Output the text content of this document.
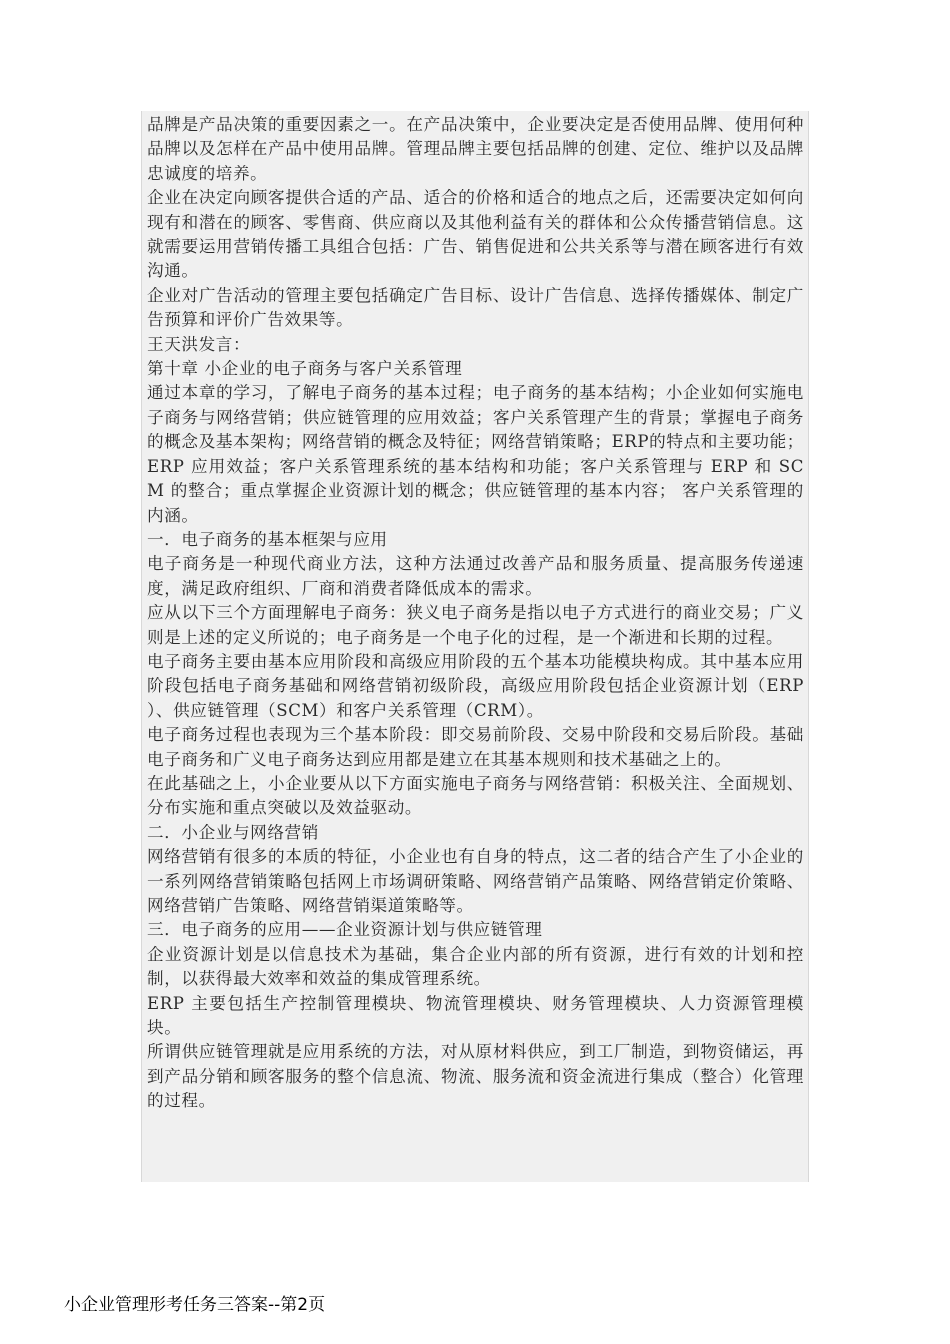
品牌是产品决策的重要因素之一。在产品决策中，企业要决定是否使用品牌、使用何种品牌以及怎样在产品中使用品牌。管理品牌主要包括品牌的创建、定位、维护以及品牌忠诚度的培养。

企业在决定向顾客提供合适的产品、适合的价格和适合的地点之后，还需要决定如何向现有和潜在的顾客、零售商、供应商以及其他利益有关的群体和公众传播营销信息。这就需要运用营销传播工具组合包括：广告、销售促进和公共关系等与潜在顾客进行有效沟通。

企业对广告活动的管理主要包括确定广告目标、设计广告信息、选择传播媒体、制定广告预算和评价广告效果等。

王天洪发言：

第十章 小企业的电子商务与客户关系管理

通过本章的学习，了解电子商务的基本过程；电子商务的基本结构；小企业如何实施电子商务与网络营销；供应链管理的应用效益；客户关系管理产生的背景；掌握电子商务的概念及基本架构；网络营销的概念及特征；网络营销策略；ERP的特点和主要功能；ERP 应用效益；客户关系管理系统的基本结构和功能；客户关系管理与 ERP 和 SCM 的整合；重点掌握企业资源计划的概念；供应链管理的基本内容； 客户关系管理的内涵。

一．电子商务的基本框架与应用

电子商务是一种现代商业方法，这种方法通过改善产品和服务质量、提高服务传递速度，满足政府组织、厂商和消费者降低成本的需求。

应从以下三个方面理解电子商务：狭义电子商务是指以电子方式进行的商业交易；广义则是上述的定义所说的；电子商务是一个电子化的过程，是一个渐进和长期的过程。

电子商务主要由基本应用阶段和高级应用阶段的五个基本功能模块构成。其中基本应用阶段包括电子商务基础和网络营销初级阶段，高级应用阶段包括企业资源计划（ERP ）、供应链管理（SCM）和客户关系管理（CRM）。

电子商务过程也表现为三个基本阶段：即交易前阶段、交易中阶段和交易后阶段。基础电子商务和广义电子商务达到应用都是建立在其基本规则和技术基础之上的。

在此基础之上，小企业要从以下方面实施电子商务与网络营销：积极关注、全面规划、分布实施和重点突破以及效益驱动。

二．小企业与网络营销

网络营销有很多的本质的特征，小企业也有自身的特点，这二者的结合产生了小企业的一系列网络营销策略包括网上市场调研策略、网络营销产品策略、网络营销定价策略、网络营销广告策略、网络营销渠道策略等。

三．电子商务的应用——企业资源计划与供应链管理

企业资源计划是以信息技术为基础，集合企业内部的所有资源，进行有效的计划和控制，以获得最大效率和效益的集成管理系统。

ERP 主要包括生产控制管理模块、物流管理模块、财务管理模块、人力资源管理模块。

所谓供应链管理就是应用系统的方法，对从原材料供应，到工厂制造，到物资储运，再到产品分销和顾客服务的整个信息流、物流、服务流和资金流进行集成（整合）化管理的过程。

小企业管理形考任务三答案--第2页
